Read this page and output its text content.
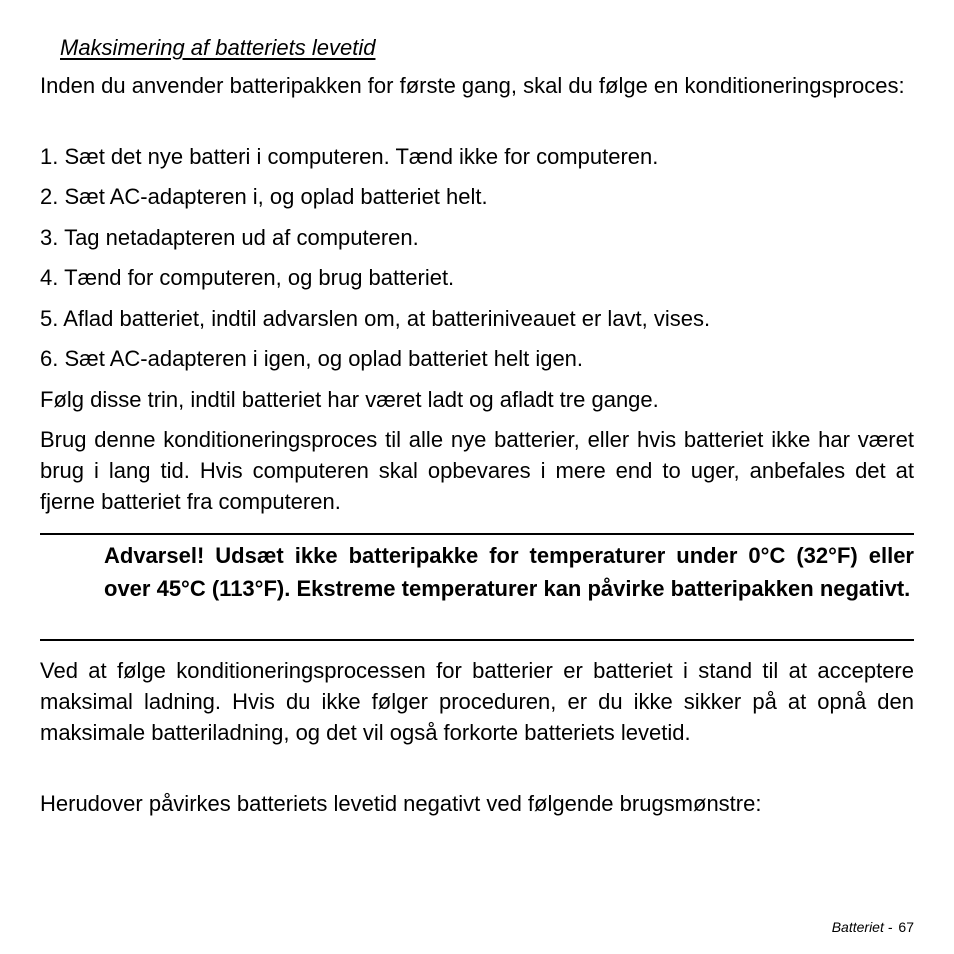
Maksimering af batteriets levetid

Inden du anvender batteripakken for første gang, skal du følge en konditioneringsproces:

1. Sæt det nye batteri i computeren. Tænd ikke for computeren.
2. Sæt AC-adapteren i, og oplad batteriet helt.
3. Tag netadapteren ud af computeren.
4. Tænd for computeren, og brug batteriet.
5. Aflad batteriet, indtil advarslen om, at batteriniveauet er lavt, vises.
6. Sæt AC-adapteren i igen, og oplad batteriet helt igen.

Følg disse trin, indtil batteriet har været ladt og afladt tre gange.

Brug denne konditioneringsproces til alle nye batterier, eller hvis batteriet ikke har været brug i lang tid. Hvis computeren skal opbevares i mere end to uger, anbefales det at fjerne batteriet fra computeren.

Advarsel! Udsæt ikke batteripakke for temperaturer under 0°C (32°F) eller over 45°C (113°F). Ekstreme temperaturer kan påvirke batteripakken negativt.

Ved at følge konditioneringsprocessen for batterier er batteriet i stand til at acceptere maksimal ladning. Hvis du ikke følger proceduren, er du ikke sikker på at opnå den maksimale batteriladning, og det vil også forkorte batteriets levetid.

Herudover påvirkes batteriets levetid negativt ved følgende brugsmønstre:

Batteriet - 67
